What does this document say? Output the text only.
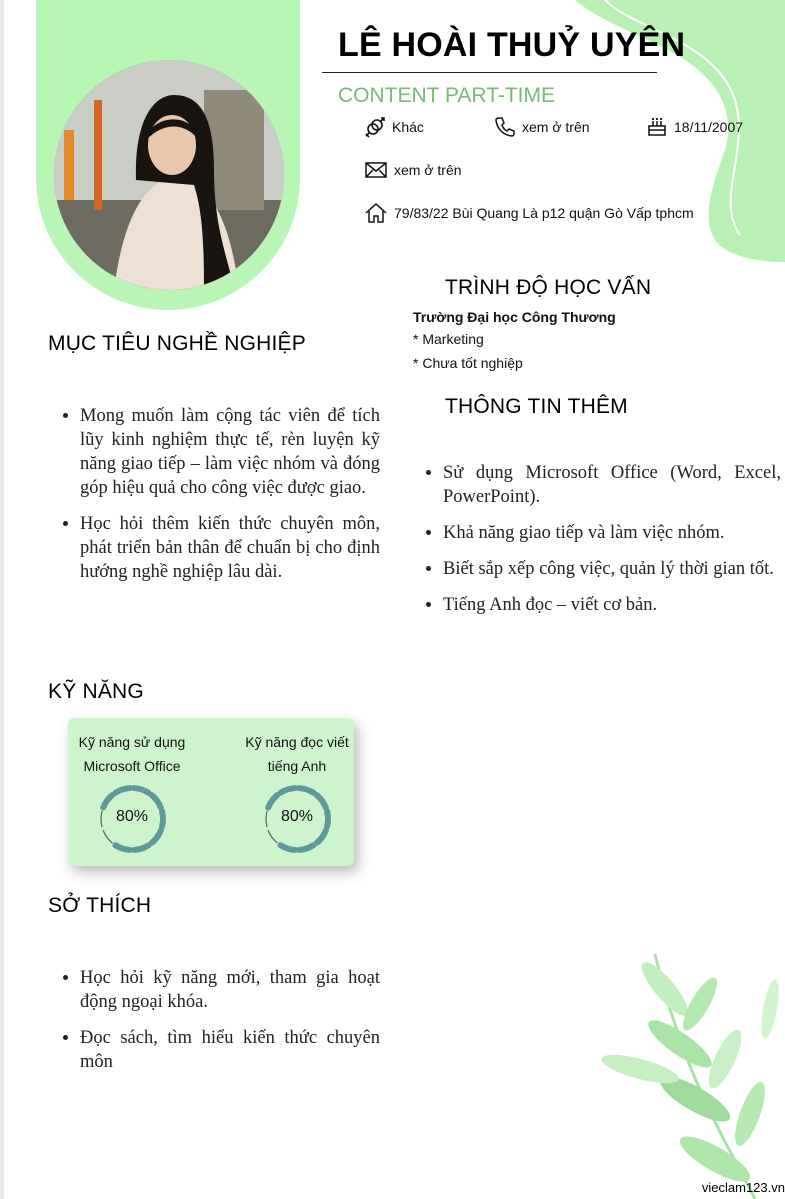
LÊ HOÀI THUỶ UYÊN
CONTENT PART-TIME
Khác	xem ở trên	18/11/2007
xem ở trên
79/83/22 Bùi Quang Là p12 quận Gò Vấp tphcm
MỤC TIÊU NGHỀ NGHIỆP
• Mong muốn làm cộng tác viên để tích lũy kinh nghiệm thực tế, rèn luyện kỹ năng giao tiếp – làm việc nhóm và đóng góp hiệu quả cho công việc được giao.
• Học hỏi thêm kiến thức chuyên môn, phát triển bản thân để chuẩn bị cho định hướng nghề nghiệp lâu dài.
TRÌNH ĐỘ HỌC VẤN
Trường Đại học Công Thương
* Marketing
* Chưa tốt nghiệp
THÔNG TIN THÊM
• Sử dụng Microsoft Office (Word, Excel, PowerPoint).
• Khả năng giao tiếp và làm việc nhóm.
• Biết sắp xếp công việc, quản lý thời gian tốt.
• Tiếng Anh đọc – viết cơ bản.
KỸ NĂNG
Kỹ năng sử dụng
Microsoft Office
Kỹ năng đọc viết
tiếng Anh
80%	80%
SỞ THÍCH
• Học hỏi kỹ năng mới, tham gia hoạt động ngoại khóa.
• Đọc sách, tìm hiểu kiến thức chuyên môn
vieclam123.vn
